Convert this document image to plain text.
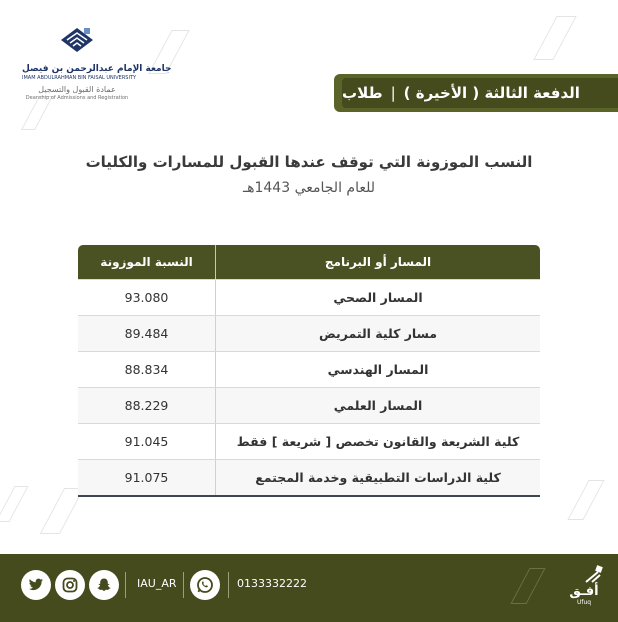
جامعة الإمام عبدالرحمن بن فيصل
IMAM ABDULRAHMAN BIN FAISAL UNIVERSITY
عمادة القبول والتسجيل
Deanship of Admissions and Registration	الدفعة الثالثة ( الأخيرة )
|
طلاب
النسب الموزونة التي توقف عندها القبول للمسارات والكليات
للعام الجامعي 1443هـ
المسار أو البرنامج
النسبة الموزونة
المسار الصحي
93.080
مسار كلية التمريض
89.484
المسار الهندسي
88.834
المسار العلمي
88.229
كلية الشريعة والقانون تخصص [ شريعة ] فقط
91.045
كلية الدراسات التطبيقية وخدمة المجتمع
91.075
IAU_AR	0133332222
أفـق
Ufuq
